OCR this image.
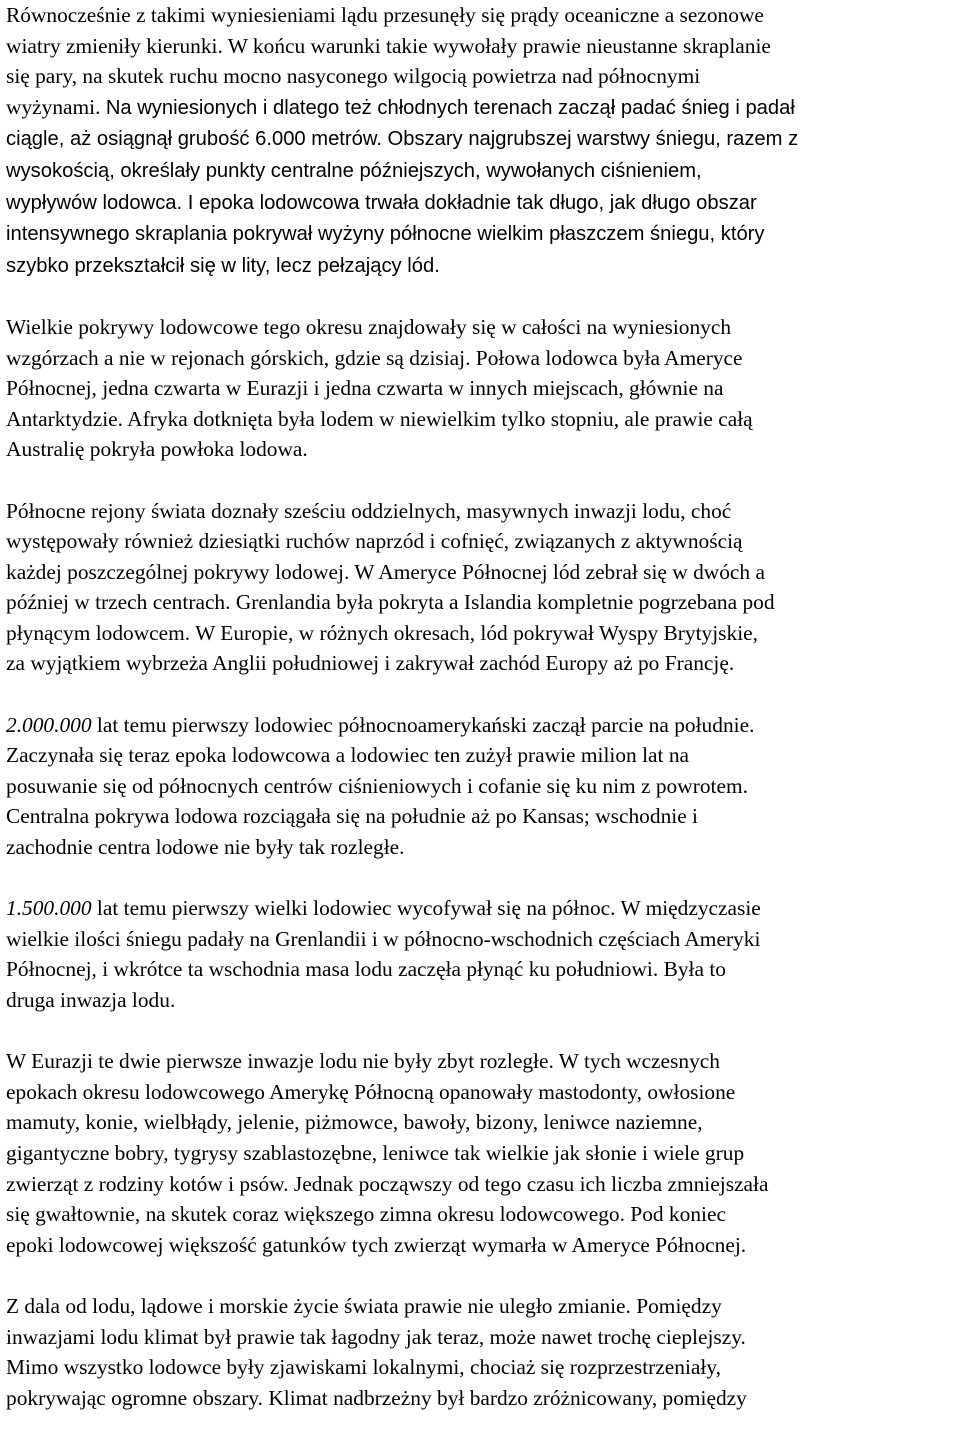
Równocześnie z takimi wyniesieniami lądu przesunęły się prądy oceaniczne a sezonowe
wiatry zmieniły kierunki. W końcu warunki takie wywołały prawie nieustanne skraplanie
się pary, na skutek ruchu mocno nasyconego wilgocią powietrza nad północnymi
wyżynami. Na wyniesionych i dlatego też chłodnych terenach zaczął padać śnieg i padał
ciągle, aż osiągnął grubość 6.000 metrów. Obszary najgrubszej warstwy śniegu, razem z
wysokością, określały punkty centralne późniejszych, wywołanych ciśnieniem,
wypływów lodowca. I epoka lodowcowa trwała dokładnie tak długo, jak długo obszar
intensywnego skraplania pokrywał wyżyny północne wielkim płaszczem śniegu, który
szybko przekształcił się w lity, lecz pełzający lód.

Wielkie pokrywy lodowcowe tego okresu znajdowały się w całości na wyniesionych
wzgórzach a nie w rejonach górskich, gdzie są dzisiaj. Połowa lodowca była Ameryce
Północnej, jedna czwarta w Eurazji i jedna czwarta w innych miejscach, głównie na
Antarktydzie. Afryka dotknięta była lodem w niewielkim tylko stopniu, ale prawie całą
Australię pokryła powłoka lodowa.

Północne rejony świata doznały sześciu oddzielnych, masywnych inwazji lodu, choć
występowały również dziesiątki ruchów naprzód i cofnięć, związanych z aktywnością
każdej poszczególnej pokrywy lodowej. W Ameryce Północnej lód zebrał się w dwóch a
później w trzech centrach. Grenlandia była pokryta a Islandia kompletnie pogrzebana pod
płynącym lodowcem. W Europie, w różnych okresach, lód pokrywał Wyspy Brytyjskie,
za wyjątkiem wybrzeża Anglii południowej i zakrywał zachód Europy aż po Francję.

2.000.000 lat temu pierwszy lodowiec północnoamerykański zaczął parcie na południe.
Zaczynała się teraz epoka lodowcowa a lodowiec ten zużył prawie milion lat na
posuwanie się od północnych centrów ciśnieniowych i cofanie się ku nim z powrotem.
Centralna pokrywa lodowa rozciągała się na południe aż po Kansas; wschodnie i
zachodnie centra lodowe nie były tak rozległe.

1.500.000 lat temu pierwszy wielki lodowiec wycofywał się na północ. W międzyczasie
wielkie ilości śniegu padały na Grenlandii i w północno-wschodnich częściach Ameryki
Północnej, i wkrótce ta wschodnia masa lodu zaczęła płynąć ku południowi. Była to
druga inwazja lodu.

W Eurazji te dwie pierwsze inwazje lodu nie były zbyt rozległe. W tych wczesnych
epokach okresu lodowcowego Amerykę Północną opanowały mastodonty, owłosione
mamuty, konie, wielbłądy, jelenie, piżmowce, bawoły, bizony, leniwce naziemne,
gigantyczne bobry, tygrysy szablastozębne, leniwce tak wielkie jak słonie i wiele grup
zwierząt z rodziny kotów i psów. Jednak począwszy od tego czasu ich liczba zmniejszała
się gwałtownie, na skutek coraz większego zimna okresu lodowcowego. Pod koniec
epoki lodowcowej większość gatunków tych zwierząt wymarła w Ameryce Północnej.

Z dala od lodu, lądowe i morskie życie świata prawie nie uległo zmianie. Pomiędzy
inwazjami lodu klimat był prawie tak łagodny jak teraz, może nawet trochę cieplejszy.
Mimo wszystko lodowce były zjawiskami lokalnymi, chociaż się rozprzestrzeniały,
pokrywając ogromne obszary. Klimat nadbrzeżny był bardzo zróżnicowany, pomiędzy
